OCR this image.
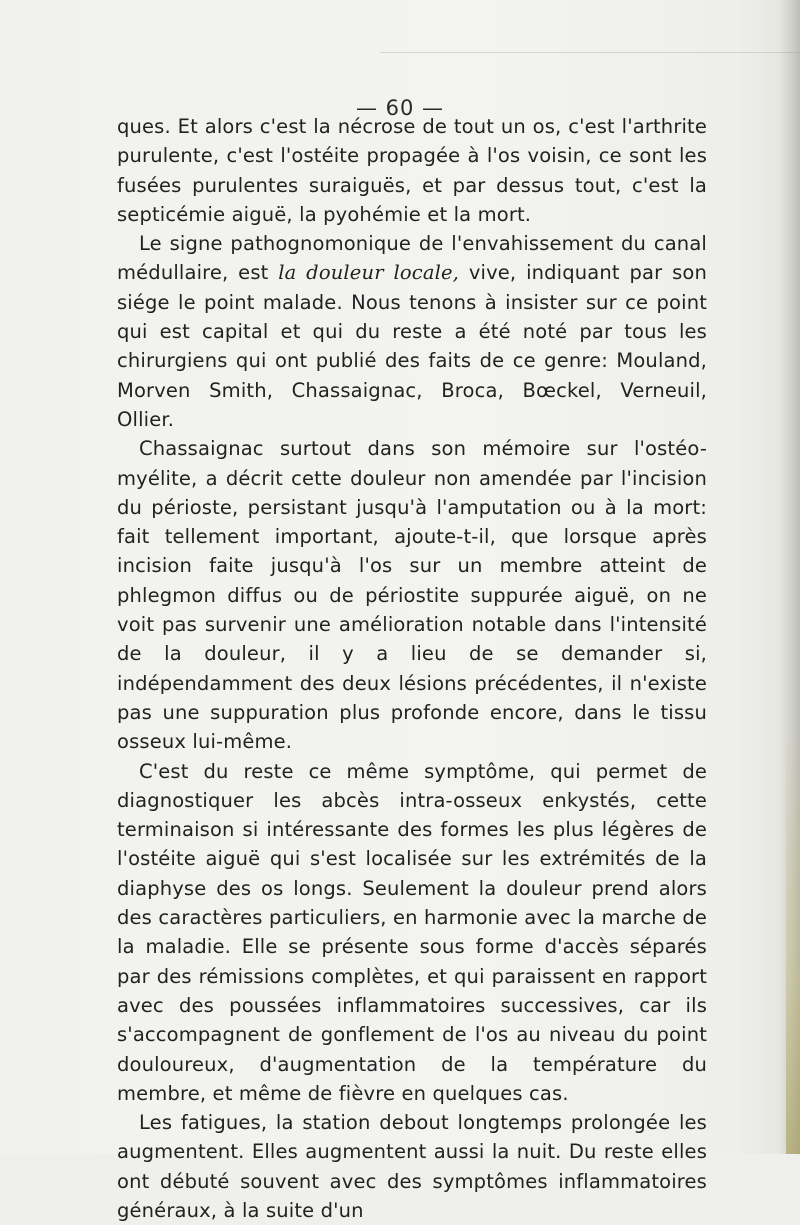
— 60 —

ques. Et alors c'est la nécrose de tout un os, c'est l'arthrite purulente, c'est l'ostéite propagée à l'os voisin, ce sont les fusées purulentes suraiguës, et par dessus tout, c'est la septicémie aiguë, la pyohémie et la mort.

Le signe pathognomonique de l'envahissement du canal médullaire, est la douleur locale, vive, indiquant par son siége le point malade. Nous tenons à insister sur ce point qui est capital et qui du reste a été noté par tous les chirurgiens qui ont publié des faits de ce genre: Mouland, Morven Smith, Chassaignac, Broca, Bœckel, Verneuil, Ollier.

Chassaignac surtout dans son mémoire sur l'ostéo-myélite, a décrit cette douleur non amendée par l'incision du périoste, persistant jusqu'à l'amputation ou à la mort: fait tellement important, ajoute-t-il, que lorsque après incision faite jusqu'à l'os sur un membre atteint de phlegmon diffus ou de périostite suppurée aiguë, on ne voit pas survenir une amélioration notable dans l'intensité de la douleur, il y a lieu de se demander si, indépendamment des deux lésions précédentes, il n'existe pas une suppuration plus profonde encore, dans le tissu osseux lui-même.

C'est du reste ce même symptôme, qui permet de diagnostiquer les abcès intra-osseux enkystés, cette terminaison si intéressante des formes les plus légères de l'ostéite aiguë qui s'est localisée sur les extrémités de la diaphyse des os longs. Seulement la douleur prend alors des caractères particuliers, en harmonie avec la marche de la maladie. Elle se présente sous forme d'accès séparés par des rémissions complètes, et qui paraissent en rapport avec des poussées inflammatoires successives, car ils s'accompagnent de gonflement de l'os au niveau du point douloureux, d'augmentation de la température du membre, et même de fièvre en quelques cas.

Les fatigues, la station debout longtemps prolongée les augmentent. Elles augmentent aussi la nuit. Du reste elles ont débuté souvent avec des symptômes inflammatoires généraux, à la suite d'un
